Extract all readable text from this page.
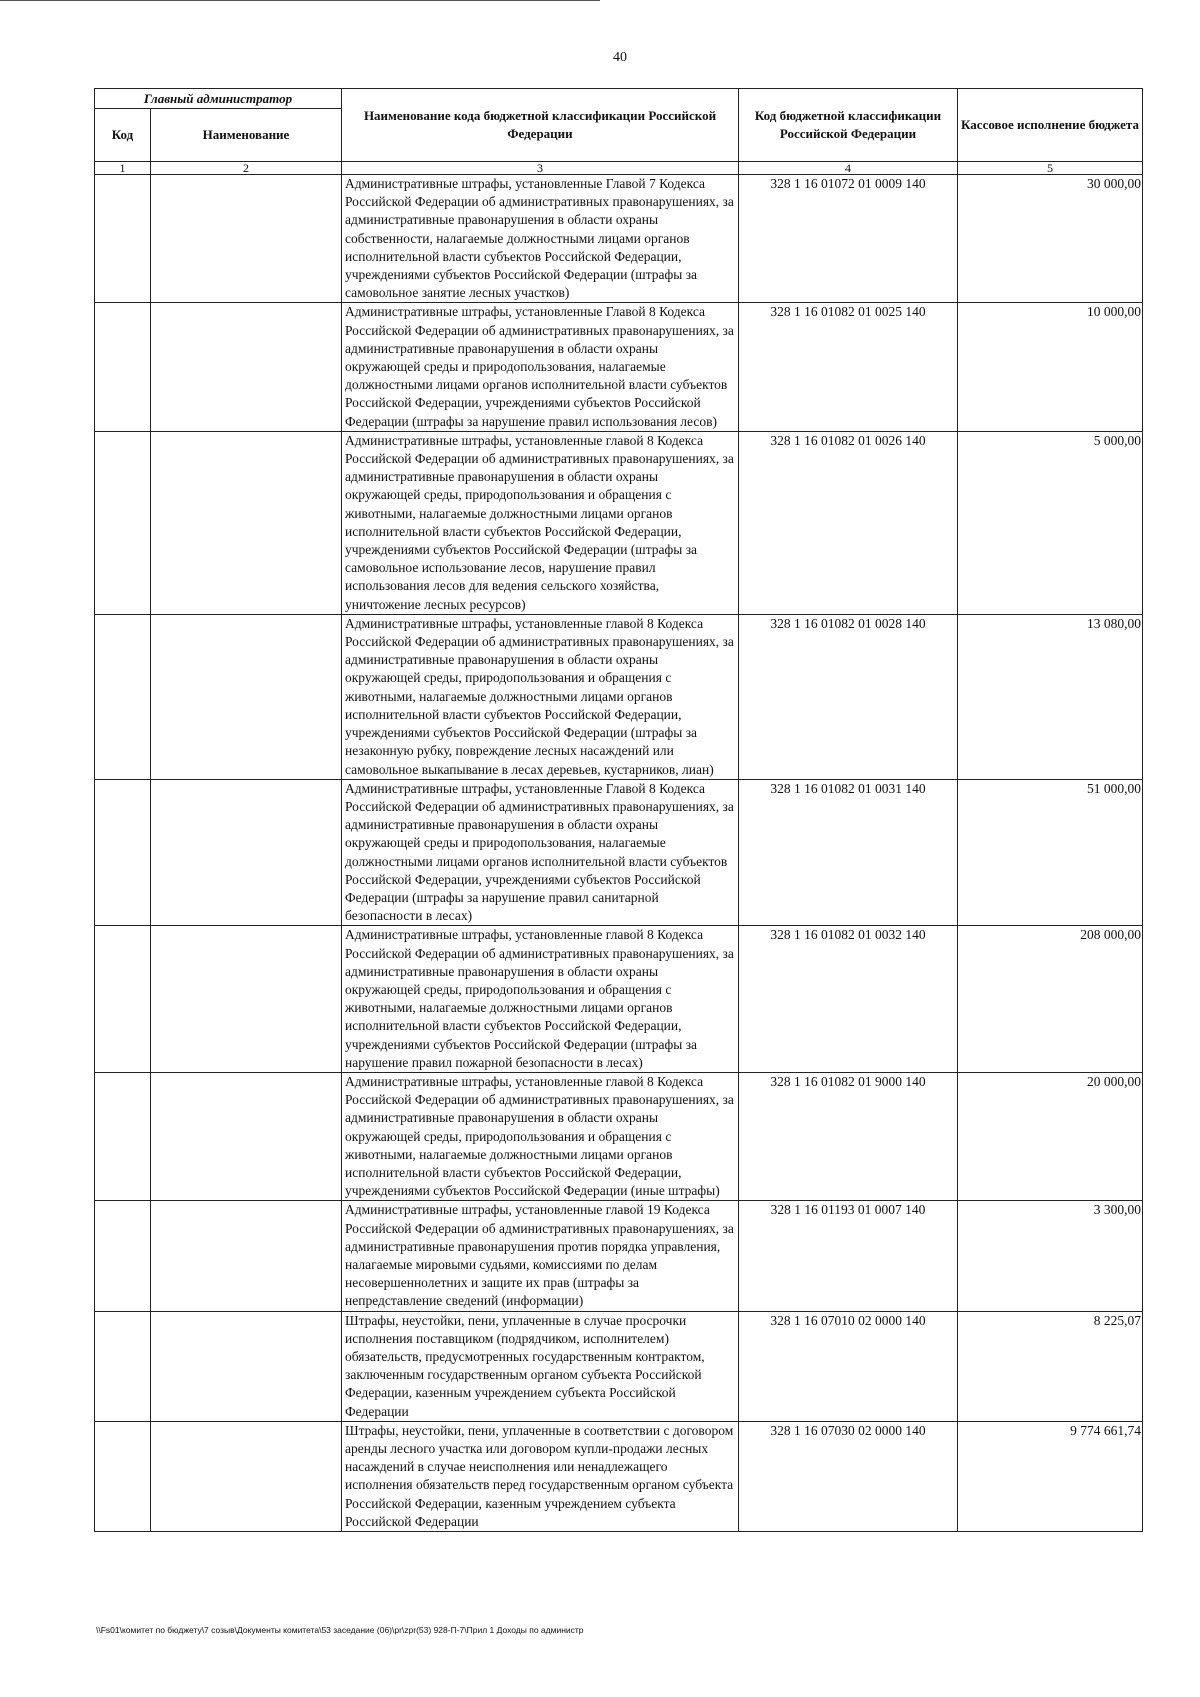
40
Главный администратор		Наименование кода бюджетной классификации Российской Федерации	Код бюджетной классификации Российской Федерации	Кассовое исполнение бюджета
Код	Наименование			
1	2	3	4	5
		Административные штрафы, установленные Главой 7 Кодекса Российской Федерации об административных правонарушениях, за административные правонарушения в области охраны собственности, налагаемые должностными лицами органов исполнительной власти субъектов Российской Федерации, учреждениями субъектов Российской Федерации (штрафы за самовольное занятие лесных участков)	328 1 16 01072 01 0009 140	30 000,00
		Административные штрафы, установленные Главой 8 Кодекса Российской Федерации об административных правонарушениях, за административные правонарушения в области охраны окружающей среды и природопользования, налагаемые должностными лицами органов исполнительной власти субъектов Российской Федерации, учреждениями субъектов Российской Федерации (штрафы за нарушение правил использования лесов)	328 1 16 01082 01 0025 140	10 000,00
		Административные штрафы, установленные главой 8 Кодекса Российской Федерации об административных правонарушениях, за административные правонарушения в области охраны окружающей среды, природопользования и обращения с животными, налагаемые должностными лицами органов исполнительной власти субъектов Российской Федерации, учреждениями субъектов Российской Федерации (штрафы за самовольное использование лесов, нарушение правил использования лесов для ведения сельского хозяйства, уничтожение лесных ресурсов)	328 1 16 01082 01 0026 140	5 000,00
		Административные штрафы, установленные главой 8 Кодекса Российской Федерации об административных правонарушениях, за административные правонарушения в области охраны окружающей среды, природопользования и обращения с животными, налагаемые должностными лицами органов исполнительной власти субъектов Российской Федерации, учреждениями субъектов Российской Федерации (штрафы за незаконную рубку, повреждение лесных насаждений или самовольное выкапывание в лесах деревьев, кустарников, лиан)	328 1 16 01082 01 0028 140	13 080,00
		Административные штрафы, установленные Главой 8 Кодекса Российской Федерации об административных правонарушениях, за административные правонарушения в области охраны окружающей среды и природопользования, налагаемые должностными лицами органов исполнительной власти субъектов Российской Федерации, учреждениями субъектов Российской Федерации (штрафы за нарушение правил санитарной безопасности в лесах)	328 1 16 01082 01 0031 140	51 000,00
		Административные штрафы, установленные главой 8 Кодекса Российской Федерации об административных правонарушениях, за административные правонарушения в области охраны окружающей среды, природопользования и обращения с животными, налагаемые должностными лицами органов исполнительной власти субъектов Российской Федерации, учреждениями субъектов Российской Федерации (штрафы за нарушение правил пожарной безопасности в лесах)	328 1 16 01082 01 0032 140	208 000,00
		Административные штрафы, установленные главой 8 Кодекса Российской Федерации об административных правонарушениях, за административные правонарушения в области охраны окружающей среды, природопользования и обращения с животными, налагаемые должностными лицами органов исполнительной власти субъектов Российской Федерации, учреждениями субъектов Российской Федерации (иные штрафы)	328 1 16 01082 01 9000 140	20 000,00
		Административные штрафы, установленные главой 19 Кодекса Российской Федерации об административных правонарушениях, за административные правонарушения против порядка управления, налагаемые мировыми судьями, комиссиями по делам несовершеннолетних и защите их прав (штрафы за непредставление сведений (информации)	328 1 16 01193 01 0007 140	3 300,00
		Штрафы, неустойки, пени, уплаченные в случае просрочки исполнения поставщиком (подрядчиком, исполнителем) обязательств, предусмотренных государственным контрактом, заключенным государственным органом субъекта Российской Федерации, казенным учреждением субъекта Российской Федерации	328 1 16 07010 02 0000 140	8 225,07
		Штрафы, неустойки, пени, уплаченные в соответствии с договором аренды лесного участка или договором купли-продажи лесных насаждений в случае неисполнения или ненадлежащего исполнения обязательств перед государственным органом субъекта Российской Федерации, казенным учреждением субъекта Российской Федерации	328 1 16 07030 02 0000 140	9 774 661,74
\\Fs01\комитет по бюджету\7 созыв\Документы комитета\53 заседание (06)\pr\zpr(53) 928-П-7\Прил 1 Доходы по администр
